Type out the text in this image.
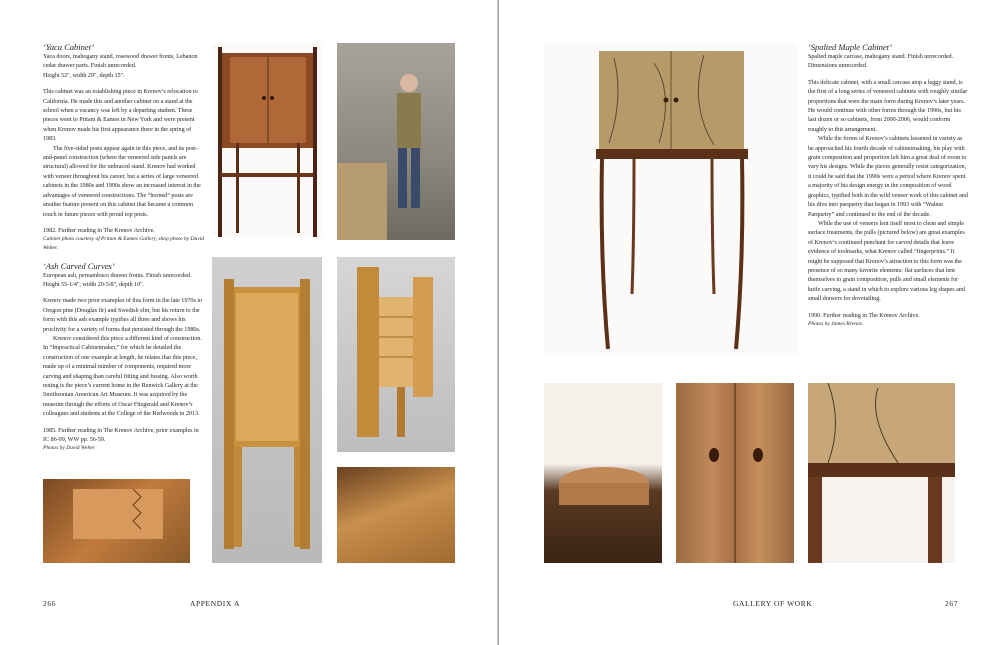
‘Yaca Cabinet’

Yaca doors, mahogany stand, rosewood drawer fronts, Lebanon cedar drawer parts. Finish unrecorded.

Height 52", width 29", depth 15".

This cabinet was an establishing piece in Krenov’s relocation to California. He made this and another cabinet on a stand at the school when a vacancy was left by a departing student. These pieces went to Pritam & Eames in New York and were present when Krenov made his first appearance there in the spring of 1983.

The five-sided posts appear again in this piece, and its post-and-panel construction (where the veneered side panels are structural) allowed for the unbraced stand. Krenov had worked with veneer throughout his career, but a series of large veneered cabinets in the 1980s and 1990s show an increased interest in the advantages of veneered constructions. The “horned” posts are another feature present on this cabinet that became a common touch in future pieces with proud top posts.

1982. Further reading in The Krenov Archive.

Cabinet photo courtesy of Pritam & Eames Gallery, shop photo by David Welter.

‘Ash Carved Curves’

European ash, pernambuco drawer fronts. Finish unrecorded.

Height 55-1/4", width 20-5/8", depth 10".

Krenov made two prior examples of this form in the late 1970s in Oregon pine (Douglas fir) and Swedish elm, but his return to the form with this ash example typifies all three and shows his proclivity for a variety of forms that persisted through the 1980s.

Krenov considered this piece a different kind of construction. In “Impractical Cabinetmaker,” for which he detailed the construction of one example at length, he relates that this piece, made up of a minimal number of components, required more carving and shaping than careful fitting and fussing. Also worth noting is the piece’s current home in the Renwick Gallery at the Smithsonian American Art Museum. It was acquired by the museum through the efforts of Oscar Fitzgerald and Krenov’s colleagues and students at the College of the Redwoods in 2013.

1985. Further reading in The Krenov Archive, prior examples in IC 86-99, WW pp. 56-59.

Photos by David Welter

266	APPENDIX A
‘Spalted Maple Cabinet’

Spalted maple carcase, mahogany stand. Finish unrecorded.

Dimensions unrecorded.

This delicate cabinet, with a small carcase atop a leggy stand, is the first of a long series of veneered cabinets with roughly similar proportions that were the main form during Krenov’s later years. He would continue with other forms through the 1990s, but his last dozen or so cabinets, from 2000-2006, would conform roughly to this arrangement.

While the forms of Krenov’s cabinets lessened in variety as he approached his fourth decade of cabinetmaking, his play with grain composition and proportion left him a great deal of room to vary his designs. While the pieces generally resist categorization, it could be said that the 1990s were a period where Krenov spent a majority of his design energy in the composition of wood graphics, typified both in the wild veneer work of this cabinet and his dive into parquetry that began in 1993 with “Walnut Parquetry” and continued to the end of the decade.

While the use of veneers lent itself most to clean and simple surface treatments, the pulls (pictured below) are great examples of Krenov’s continued penchant for carved details that leave evidence of toolmarks, what Krenov called “fingerprints.” It might be supposed that Krenov’s attraction to this form was the presence of so many favorite elements: flat surfaces that lent themselves to grain composition, pulls and small elements for knife carving, a stand in which to explore various leg shapes and small drawers for dovetailing.

1990. Further reading in The Krenov Archive.

Photos by James Krenov.

GALLERY OF WORK	267
